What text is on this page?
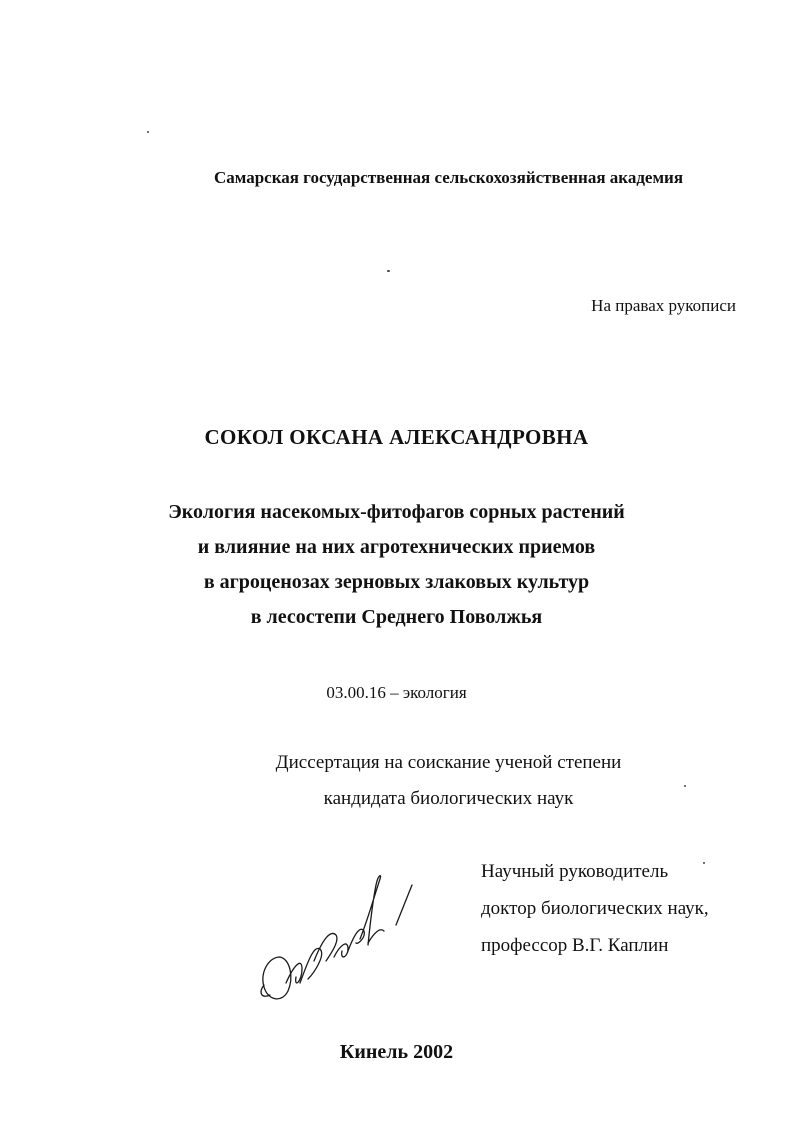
Самарская государственная сельскохозяйственная академия
На правах рукописи
СОКОЛ ОКСАНА АЛЕКСАНДРОВНА
Экология насекомых-фитофагов сорных растений
и влияние на них агротехнических приемов
в агроценозах зерновых злаковых культур
в лесостепи Среднего Поволжья
03.00.16 – экология
Диссертация на соискание ученой степени
кандидата биологических наук
Научный руководитель
доктор биологических наук,
профессор В.Г. Каплин
Кинель 2002
